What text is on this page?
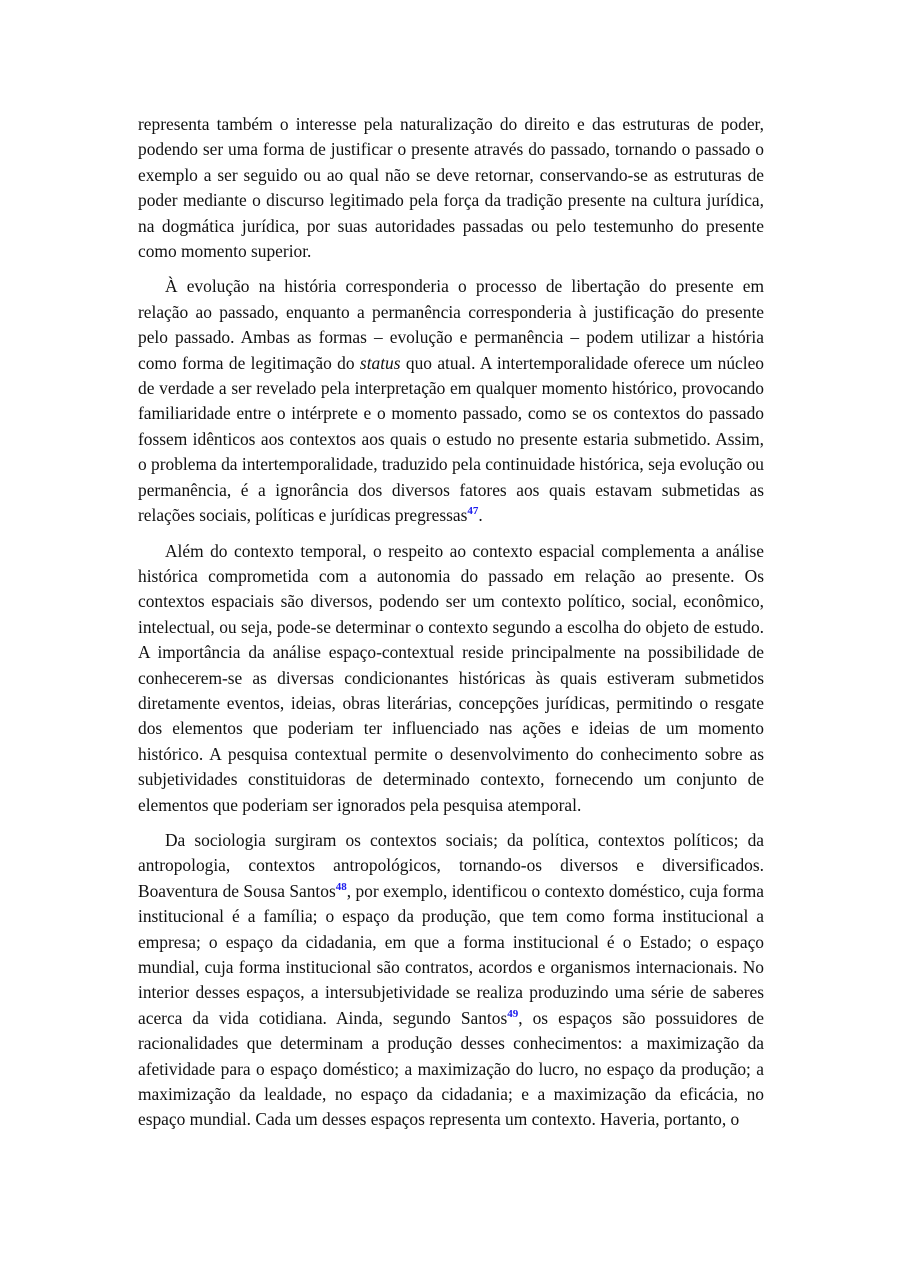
representa também o interesse pela naturalização do direito e das estruturas de poder, podendo ser uma forma de justificar o presente através do passado, tornando o passado o exemplo a ser seguido ou ao qual não se deve retornar, conservando-se as estruturas de poder mediante o discurso legitimado pela força da tradição presente na cultura jurídica, na dogmática jurídica, por suas autoridades passadas ou pelo testemunho do presente como momento superior.

À evolução na história corresponderia o processo de libertação do presente em relação ao passado, enquanto a permanência corresponderia à justificação do presente pelo passado. Ambas as formas – evolução e permanência – podem utilizar a história como forma de legitimação do status quo atual. A intertemporalidade oferece um núcleo de verdade a ser revelado pela interpretação em qualquer momento histórico, provocando familiaridade entre o intérprete e o momento passado, como se os contextos do passado fossem idênticos aos contextos aos quais o estudo no presente estaria submetido. Assim, o problema da intertemporalidade, traduzido pela continuidade histórica, seja evolução ou permanência, é a ignorância dos diversos fatores aos quais estavam submetidas as relações sociais, políticas e jurídicas pregressas$^{47}$.

Além do contexto temporal, o respeito ao contexto espacial complementa a análise histórica comprometida com a autonomia do passado em relação ao presente. Os contextos espaciais são diversos, podendo ser um contexto político, social, econômico, intelectual, ou seja, pode-se determinar o contexto segundo a escolha do objeto de estudo. A importância da análise espaço-contextual reside principalmente na possibilidade de conhecerem-se as diversas condicionantes históricas às quais estiveram submetidos diretamente eventos, ideias, obras literárias, concepções jurídicas, permitindo o resgate dos elementos que poderiam ter influenciado nas ações e ideias de um momento histórico. A pesquisa contextual permite o desenvolvimento do conhecimento sobre as subjetividades constituidoras de determinado contexto, fornecendo um conjunto de elementos que poderiam ser ignorados pela pesquisa atemporal.

Da sociologia surgiram os contextos sociais; da política, contextos políticos; da antropologia, contextos antropológicos, tornando-os diversos e diversificados. Boaventura de Sousa Santos$^{48}$, por exemplo, identificou o contexto doméstico, cuja forma institucional é a família; o espaço da produção, que tem como forma institucional a empresa; o espaço da cidadania, em que a forma institucional é o Estado; o espaço mundial, cuja forma institucional são contratos, acordos e organismos internacionais. No interior desses espaços, a intersubjetividade se realiza produzindo uma série de saberes acerca da vida cotidiana. Ainda, segundo Santos$^{49}$, os espaços são possuidores de racionalidades que determinam a produção desses conhecimentos: a maximização da afetividade para o espaço doméstico; a maximização do lucro, no espaço da produção; a maximização da lealdade, no espaço da cidadania; e a maximização da eficácia, no espaço mundial. Cada um desses espaços representa um contexto. Haveria, portanto, o
